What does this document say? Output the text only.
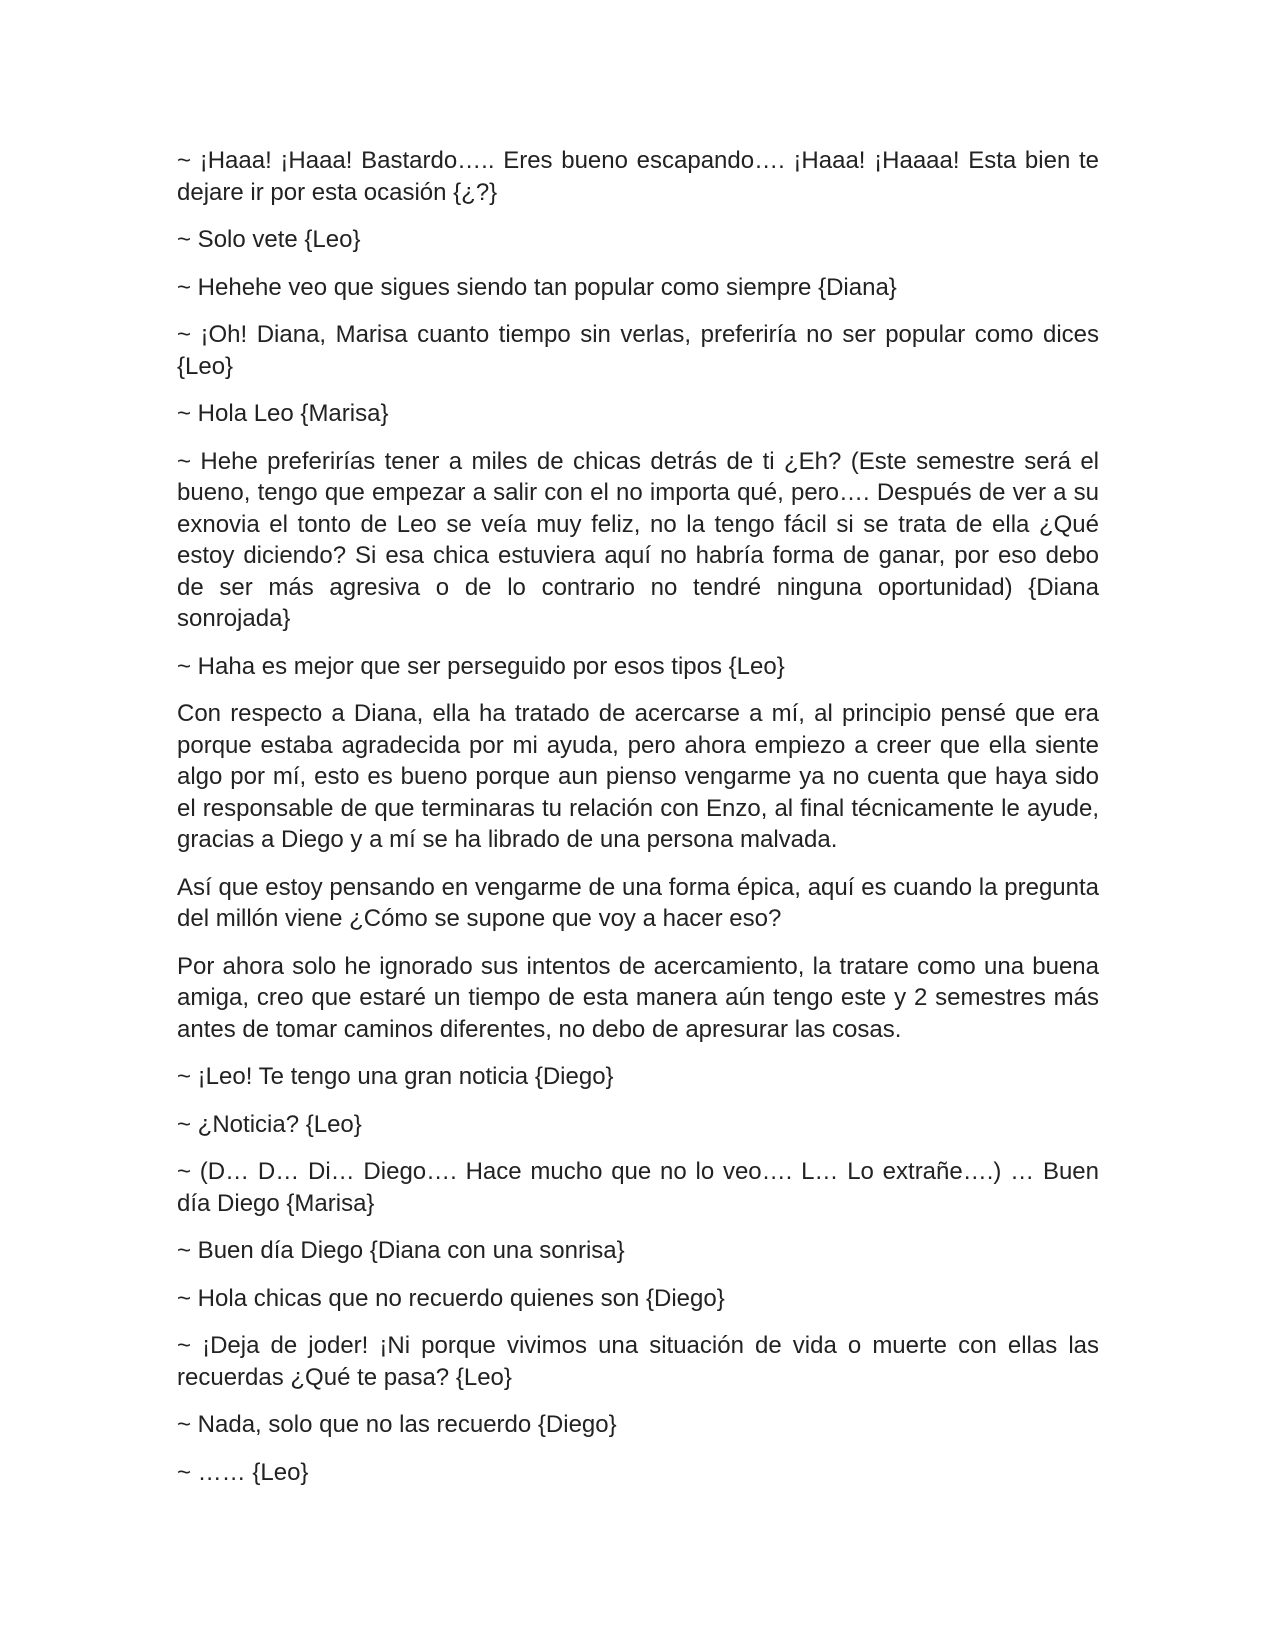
~ ¡Haaa! ¡Haaa! Bastardo….. Eres bueno escapando…. ¡Haaa! ¡Haaaa! Esta bien te dejare ir por esta ocasión {¿?}

~ Solo vete {Leo}

~ Hehehe veo que sigues siendo tan popular como siempre {Diana}

~ ¡Oh! Diana, Marisa cuanto tiempo sin verlas, preferiría no ser popular como dices {Leo}

~ Hola Leo {Marisa}

~ Hehe preferirías tener a miles de chicas detrás de ti ¿Eh? (Este semestre será el bueno, tengo que empezar a salir con el no importa qué, pero…. Después de ver a su exnovia el tonto de Leo se veía muy feliz, no la tengo fácil si se trata de ella ¿Qué estoy diciendo? Si esa chica estuviera aquí no habría forma de ganar, por eso debo de ser más agresiva o de lo contrario no tendré ninguna oportunidad) {Diana sonrojada}

~ Haha es mejor que ser perseguido por esos tipos {Leo}

Con respecto a Diana, ella ha tratado de acercarse a mí, al principio pensé que era porque estaba agradecida por mi ayuda, pero ahora empiezo a creer que ella siente algo por mí, esto es bueno porque aun pienso vengarme ya no cuenta que haya sido el responsable de que terminaras tu relación con Enzo, al final técnicamente le ayude, gracias a Diego y a mí se ha librado de una persona malvada.

Así que estoy pensando en vengarme de una forma épica, aquí es cuando la pregunta del millón viene ¿Cómo se supone que voy a hacer eso?

Por ahora solo he ignorado sus intentos de acercamiento, la tratare como una buena amiga, creo que estaré un tiempo de esta manera aún tengo este y 2 semestres más antes de tomar caminos diferentes, no debo de apresurar las cosas.

~ ¡Leo! Te tengo una gran noticia {Diego}

~ ¿Noticia? {Leo}

~ (D… D… Di… Diego…. Hace mucho que no lo veo…. L… Lo extrañe….) … Buen día Diego {Marisa}

~ Buen día Diego {Diana con una sonrisa}

~ Hola chicas que no recuerdo quienes son {Diego}

~ ¡Deja de joder! ¡Ni porque vivimos una situación de vida o muerte con ellas las recuerdas ¿Qué te pasa? {Leo}

~ Nada, solo que no las recuerdo {Diego}

~ …… {Leo}
